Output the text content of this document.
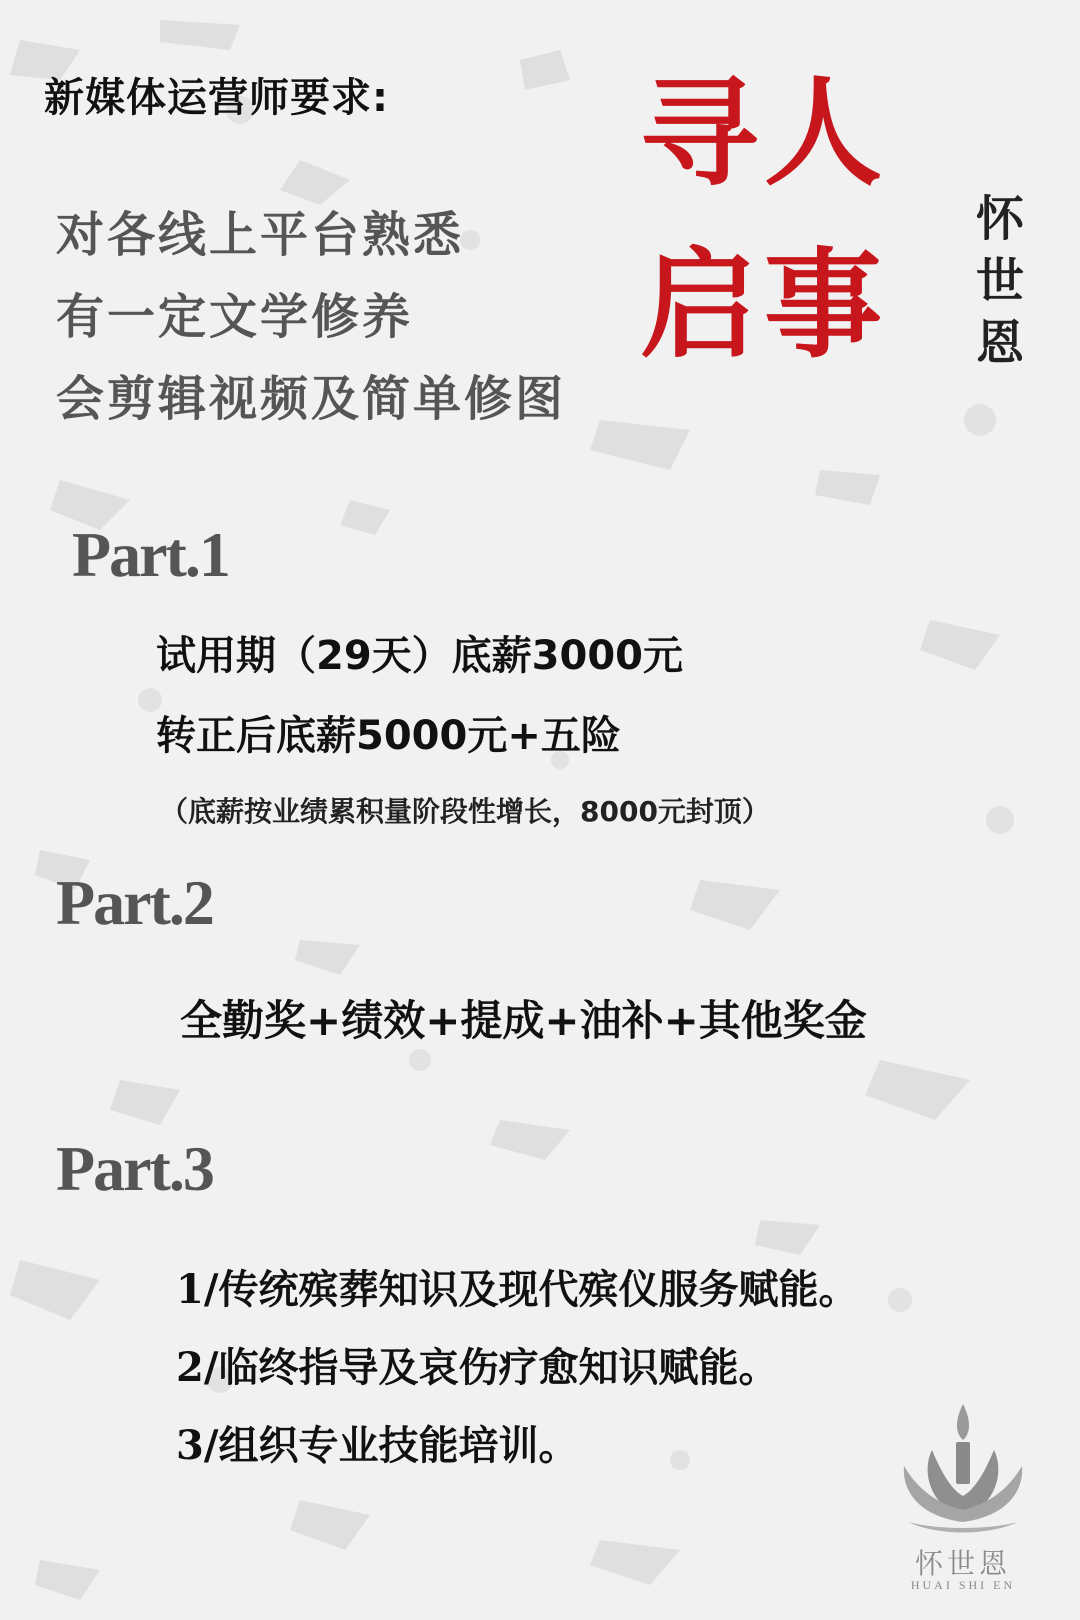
新媒体运营师要求:
对各线上平台熟悉
有一定文学修养
会剪辑视频及简单修图
寻人
启事
怀
世
恩
Part.1
试用期（29天）底薪3000元
转正后底薪5000元+五险
（底薪按业绩累积量阶段性增长，8000元封顶）
Part.2
全勤奖+绩效+提成+油补+其他奖金
Part.3
1/传统殡葬知识及现代殡仪服务赋能。
2/临终指导及哀伤疗愈知识赋能。
3/组织专业技能培训。
怀世恩
HUAI SHI EN
